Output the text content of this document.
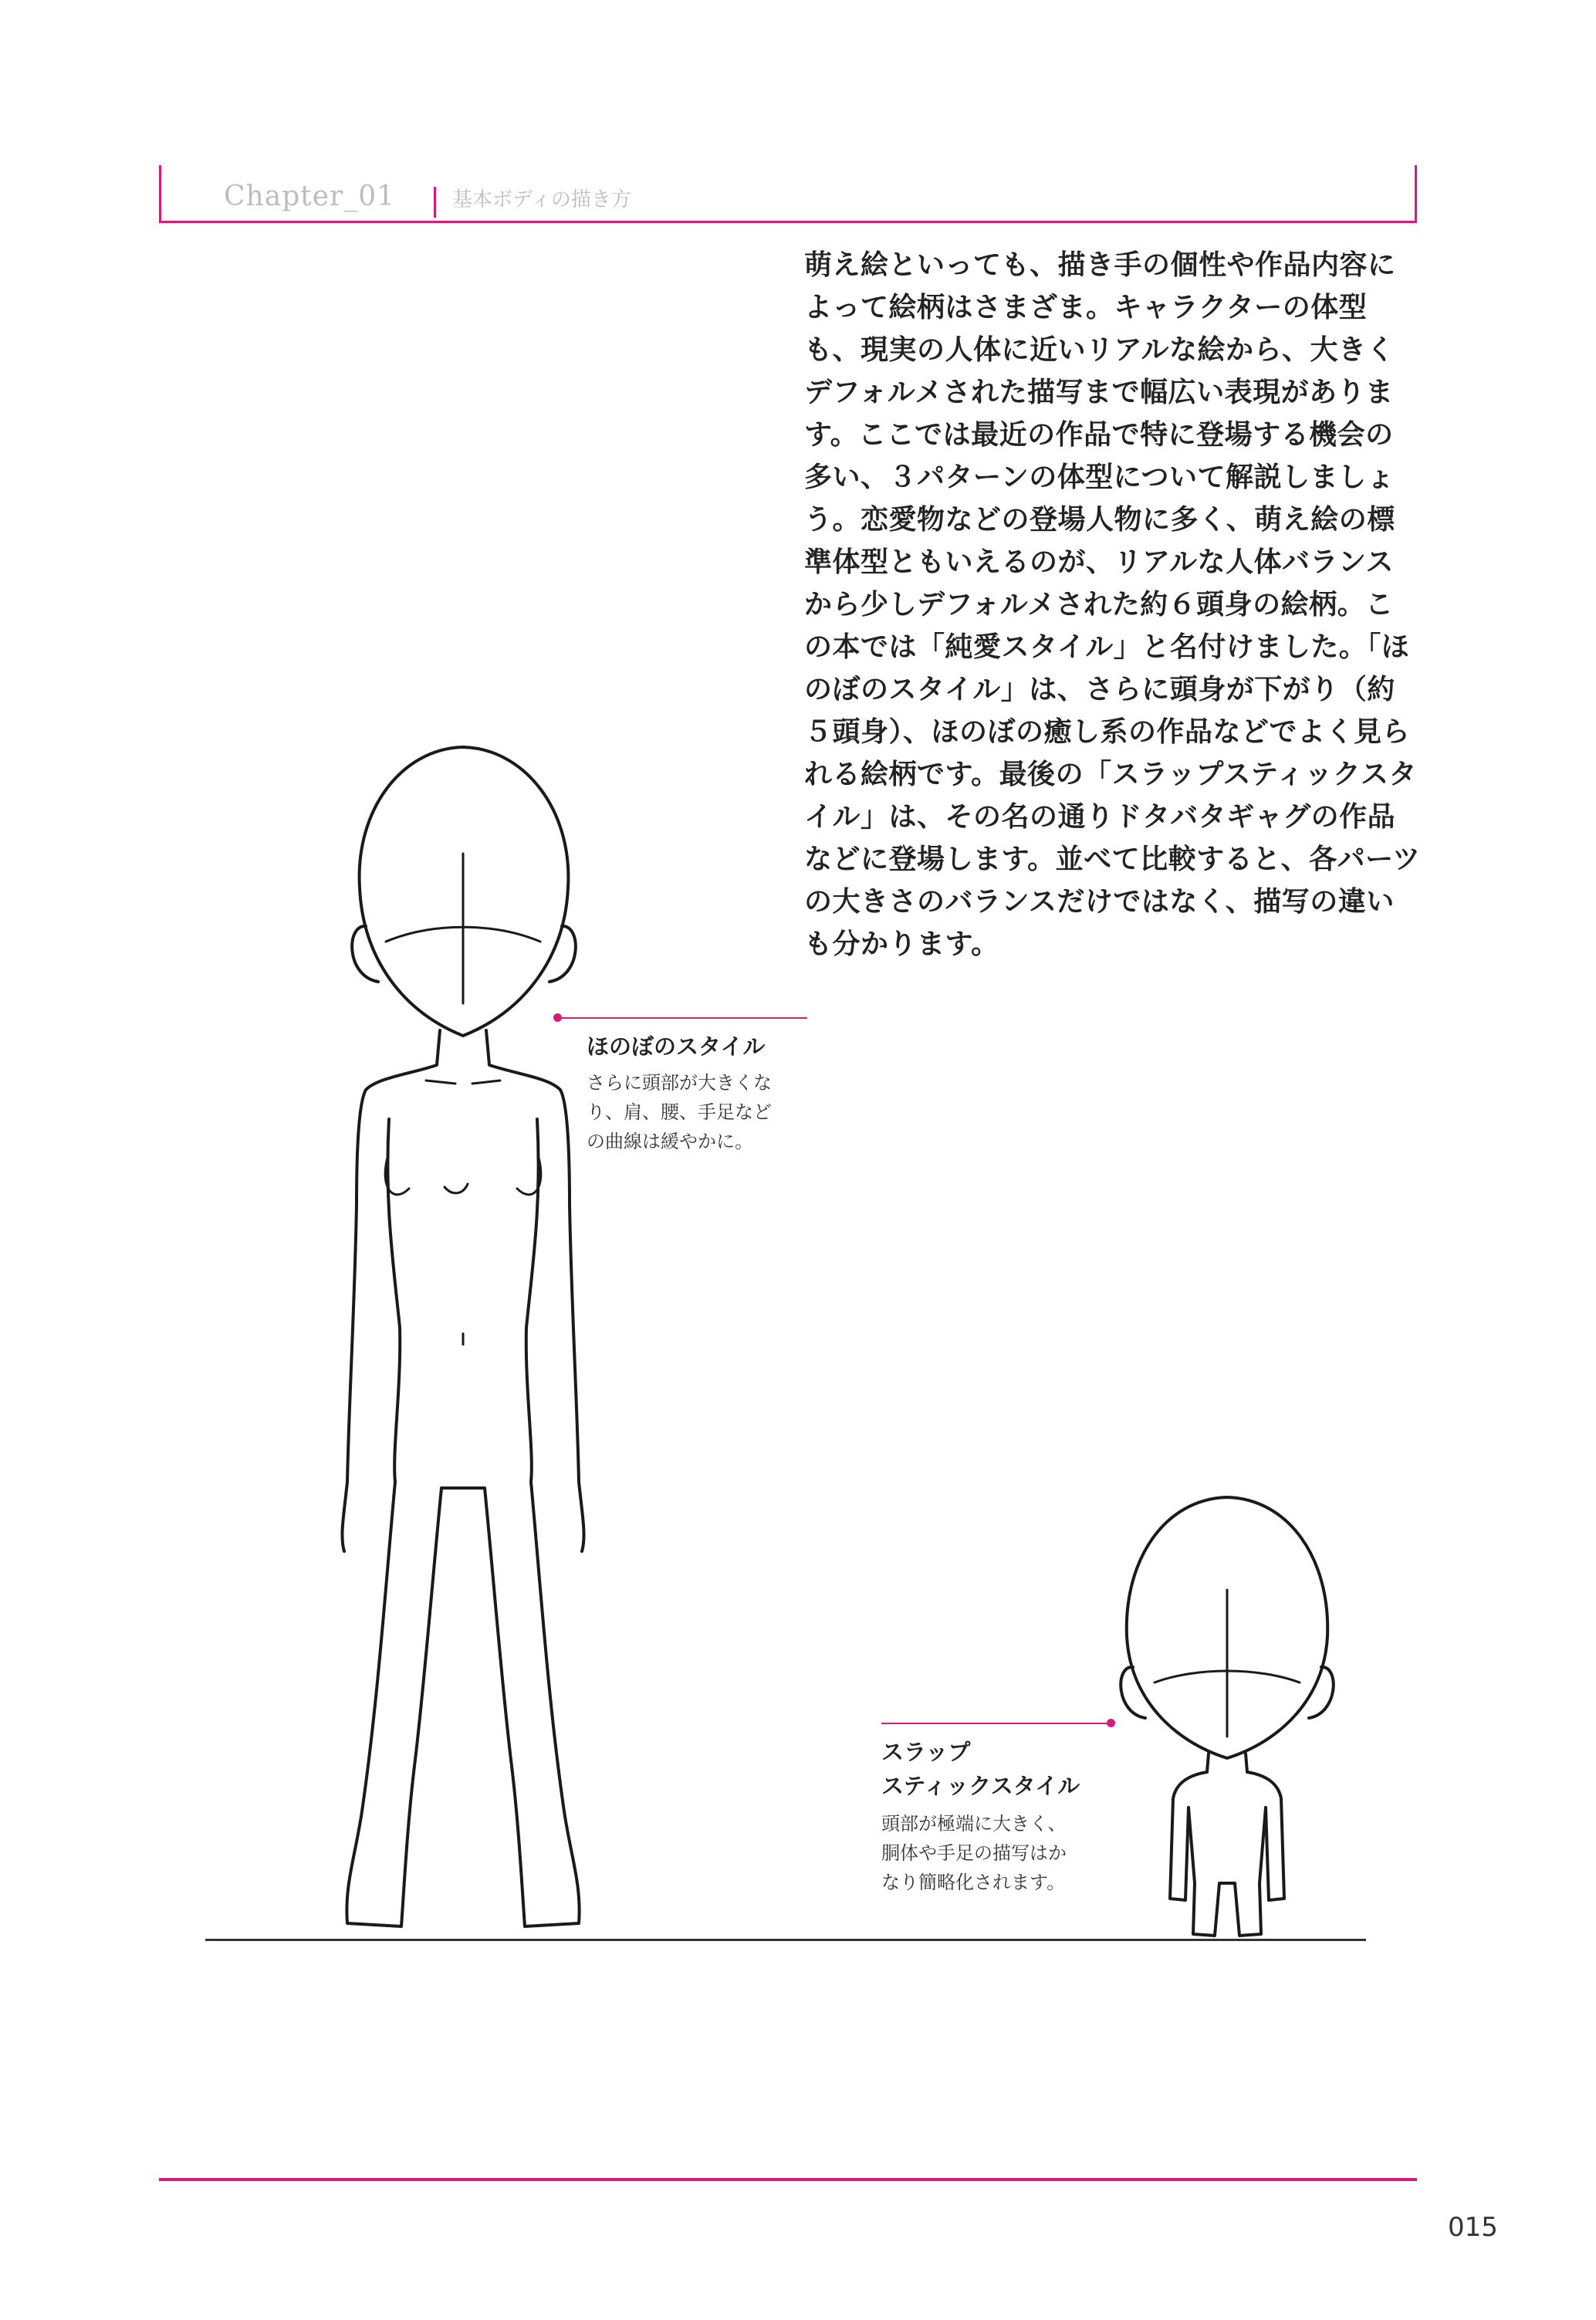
Chapter_01	基本ボディの描き方
萌え絵といっても、描き手の個性や作品内容によって絵柄はさまざま。キャラクターの体型も、現実の人体に近いリアルな絵から、大きくデフォルメされた描写まで幅広い表現があります。ここでは最近の作品で特に登場する機会の多い、３パターンの体型について解説しましょう。恋愛物などの登場人物に多く、萌え絵の標準体型ともいえるのが、リアルな人体バランスから少しデフォルメされた約６頭身の絵柄。この本では「純愛スタイル」と名付けました。「ほのぼのスタイル」は、さらに頭身が下がり（約５頭身）、ほのぼの癒し系の作品などでよく見られる絵柄です。最後の「スラップスティックスタイル」は、その名の通りドタバタギャグの作品などに登場します。並べて比較すると、各パーツの大きさのバランスだけではなく、描写の違いも分かります。
ほのぼのスタイル
さらに頭部が大きくな
り、肩、腰、手足など
の曲線は緩やかに。
スラップ
スティックスタイル
頭部が極端に大きく、
胴体や手足の描写はか
なり簡略化されます。
015
